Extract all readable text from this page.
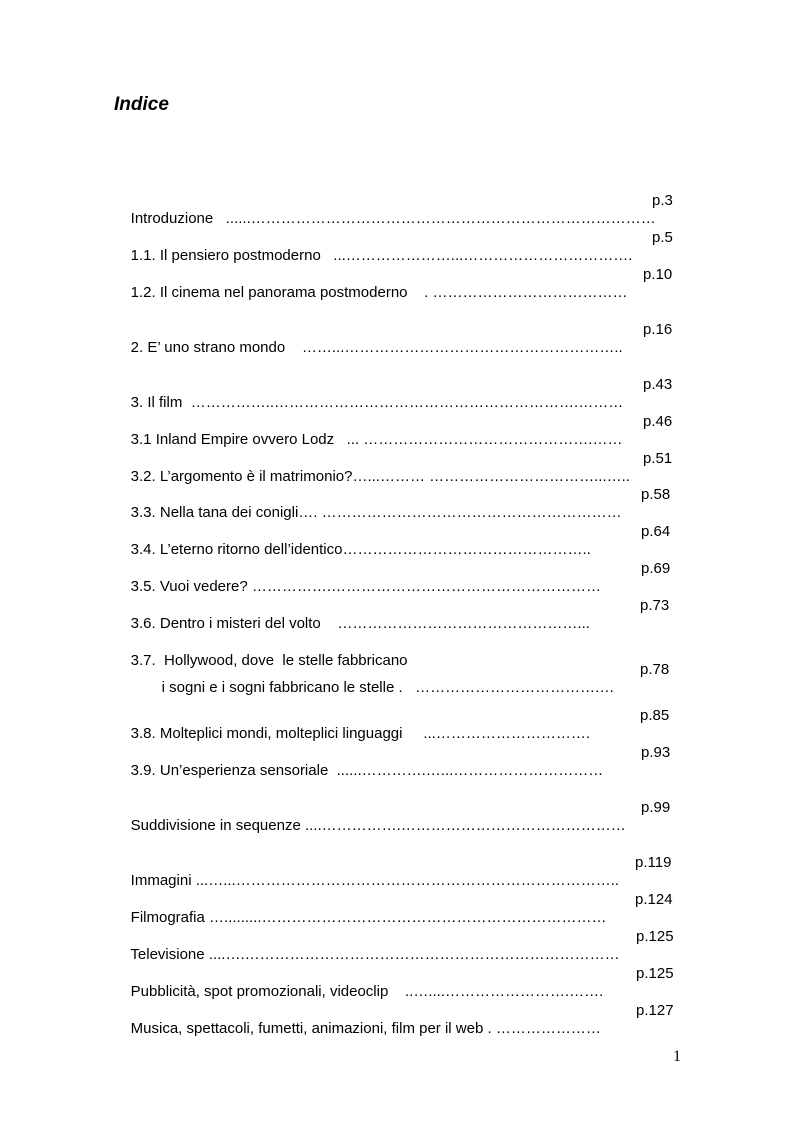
Indice

Introduzione   ......………………………………………………………………………

p.3

1.1. Il pensiero postmoderno   ...…………………...…………………………….

p.5

1.2. Il cinema nel panorama postmoderno    . …………………………………

p.10

2. E’ uno strano mondo    ……...………………………………………………..

p.16

3. Il film  ……………..…………………………………………………….………

p.43

3.1 Inland Empire ovvero Lodz   ... ……………………………………….……

p.46

3.2. L’argomento è il matrimonio?…...……… ……………………………...…..

p.51

3.3. Nella tana dei conigli…. ……………………………………………………

p.58

3.4. L’eterno ritorno dell’identico…………………………………………..

p.64

3.5. Vuoi vedere? …………….………………………………………………

p.69

3.6. Dentro i misteri del volto    …………………………………………...

p.73

3.7.  Hollywood, dove  le stelle fabbricano

i sogni e i sogni fabbricano le stelle .   ……………………………….…

p.78

3.8. Molteplici mondi, molteplici linguaggi     ...………………………….

p.85

3.9. Un’esperienza sensoriale  ......………….…...…………………………

p.93

Suddivisione in sequenze ....…………….………………………………………

p.99

Immagini ...…...…………………………………………………………………..

p.119

Filmografia ….........……………………………………………………………

p.124

Televisione ....….…………………………………………………………………

p.125

Pubblicità, spot promozionali, videoclip    ..…....…………………….…….

p.125

Musica, spettacoli, fumetti, animazioni, film per il web . …………………

p.127
1
